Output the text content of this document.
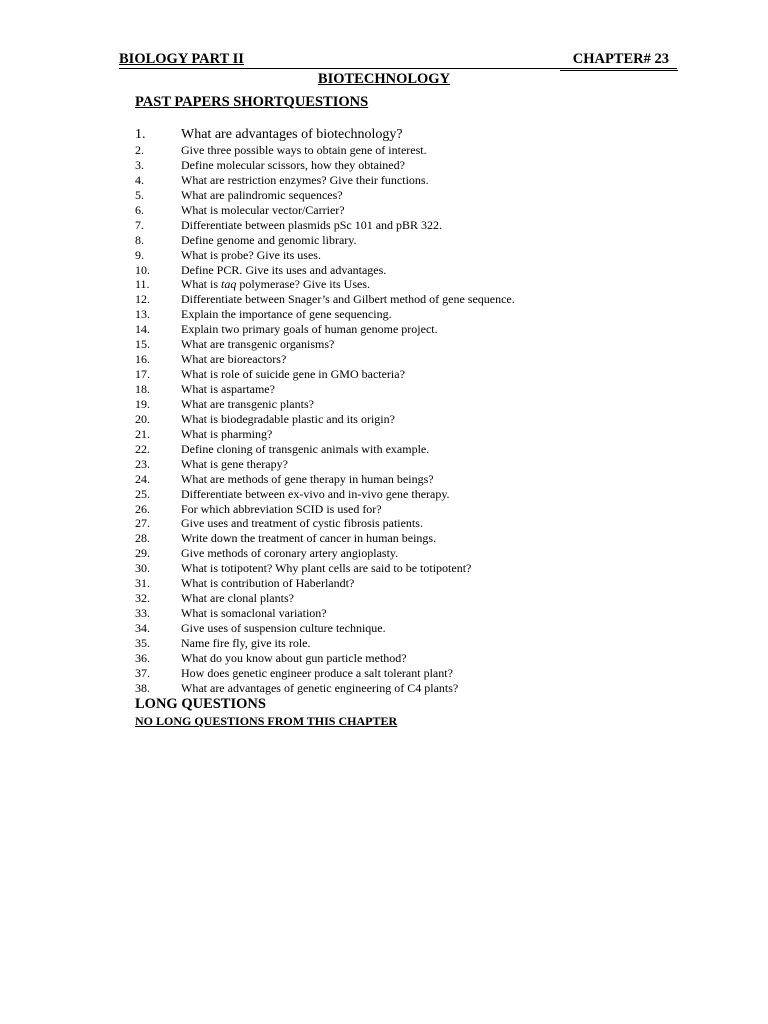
BIOLOGY PART II	CHAPTER# 23
BIOTECHNOLOGY
PAST PAPERS SHORTQUESTIONS
1.	What are advantages of biotechnology?
2.	Give three possible ways to obtain gene of interest.
3.	Define molecular scissors, how they obtained?
4.	What are restriction enzymes? Give their functions.
5.	What are palindromic sequences?
6.	What is molecular vector/Carrier?
7.	Differentiate between plasmids pSc 101 and pBR 322.
8.	Define genome and genomic library.
9.	What is probe? Give its uses.
10.	Define PCR. Give its uses and advantages.
11.	What is taq polymerase? Give its Uses.
12.	Differentiate between Snager’s and Gilbert method of gene sequence.
13.	Explain the importance of gene sequencing.
14.	Explain two primary goals of human genome project.
15.	What are transgenic organisms?
16.	What are bioreactors?
17.	What is role of suicide gene in GMO bacteria?
18.	What is aspartame?
19.	What are transgenic plants?
20.	What is biodegradable plastic and its origin?
21.	What is pharming?
22.	Define cloning of transgenic animals with example.
23.	What is gene therapy?
24.	What are methods of gene therapy in human beings?
25.	Differentiate between ex-vivo and in-vivo gene therapy.
26.	For which abbreviation SCID is used for?
27.	Give uses and treatment of cystic fibrosis patients.
28.	Write down the treatment of cancer in human beings.
29.	Give methods of coronary artery angioplasty.
30.	What is totipotent? Why plant cells are said to be totipotent?
31.	What is contribution of Haberlandt?
32.	What are clonal plants?
33.	What is somaclonal variation?
34.	Give uses of suspension culture technique.
35.	Name fire fly, give its role.
36.	What do you know about gun particle method?
37.	How does genetic engineer produce a salt tolerant plant?
38.	What are advantages of genetic engineering of C4 plants?
LONG QUESTIONS
NO LONG QUESTIONS FROM THIS CHAPTER
